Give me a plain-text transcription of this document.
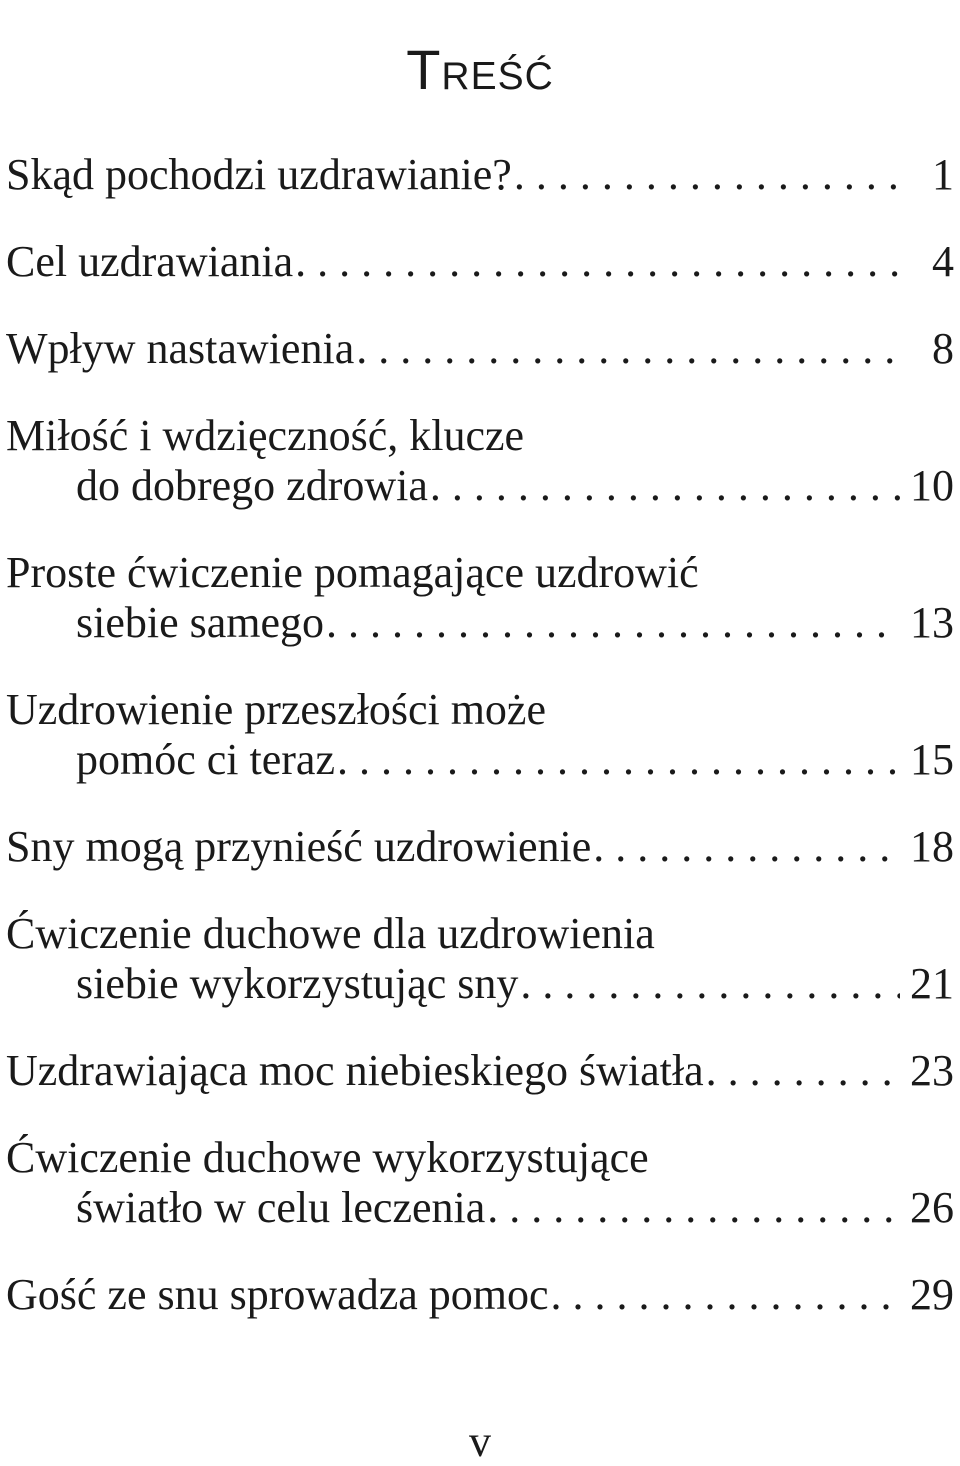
Treść
Skąd pochodzi uzdrawianie? . . .	1
Cel uzdrawiania . . .	4
Wpływ nastawienia . . .	8
Miłość i wdzięczność, klucze
do dobrego zdrowia . . .	10
Proste ćwiczenie pomagające uzdrowić
siebie samego . . .	13
Uzdrowienie przeszłości może
pomóc ci teraz . . .	15
Sny mogą przynieść uzdrowienie . . .	18
Ćwiczenie duchowe dla uzdrowienia
siebie wykorzystując sny . . .	21
Uzdrawiająca moc niebieskiego światła . . .	23
Ćwiczenie duchowe wykorzystujące
światło w celu leczenia . . .	26
Gość ze snu sprowadza pomoc . . .	29
v
